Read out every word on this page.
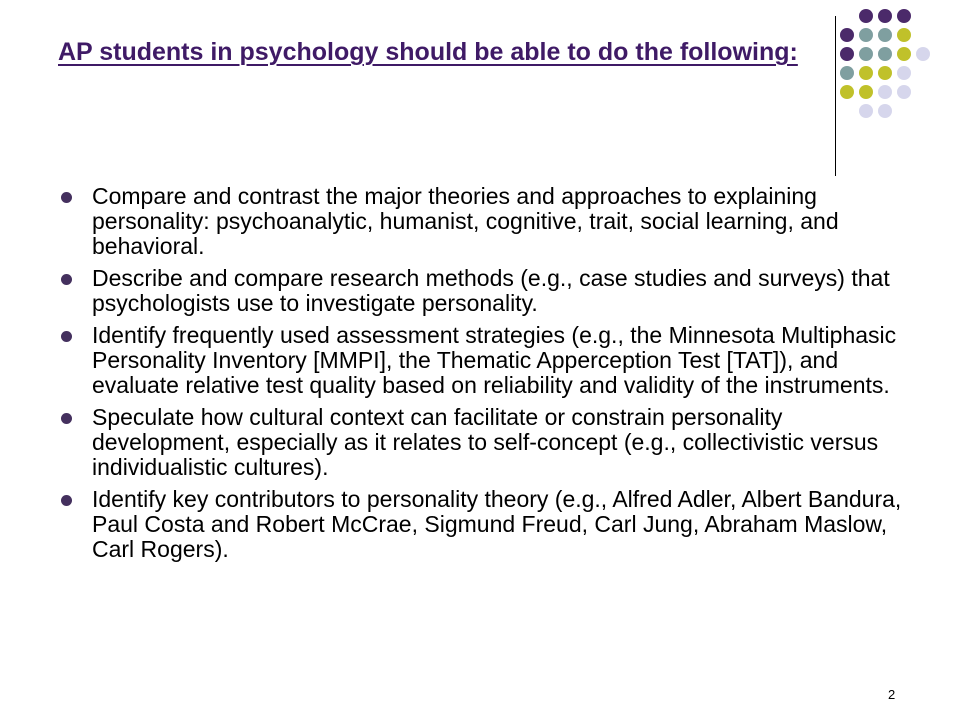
AP students in psychology should be able to do the following:
Compare and contrast the major theories and approaches to explaining personality: psychoanalytic, humanist, cognitive, trait, social learning, and behavioral.
Describe and compare research methods (e.g., case studies and surveys) that psychologists use to investigate personality.
Identify frequently used assessment strategies (e.g., the Minnesota Multiphasic Personality Inventory [MMPI], the Thematic Apperception Test [TAT]), and evaluate relative test quality based on reliability and validity of the instruments.
Speculate how cultural context can facilitate or constrain personality development, especially as it relates to self-concept (e.g., collectivistic versus individualistic cultures).
Identify key contributors to personality theory (e.g., Alfred Adler, Albert Bandura, Paul Costa and Robert McCrae, Sigmund Freud, Carl Jung, Abraham Maslow, Carl Rogers).
2
